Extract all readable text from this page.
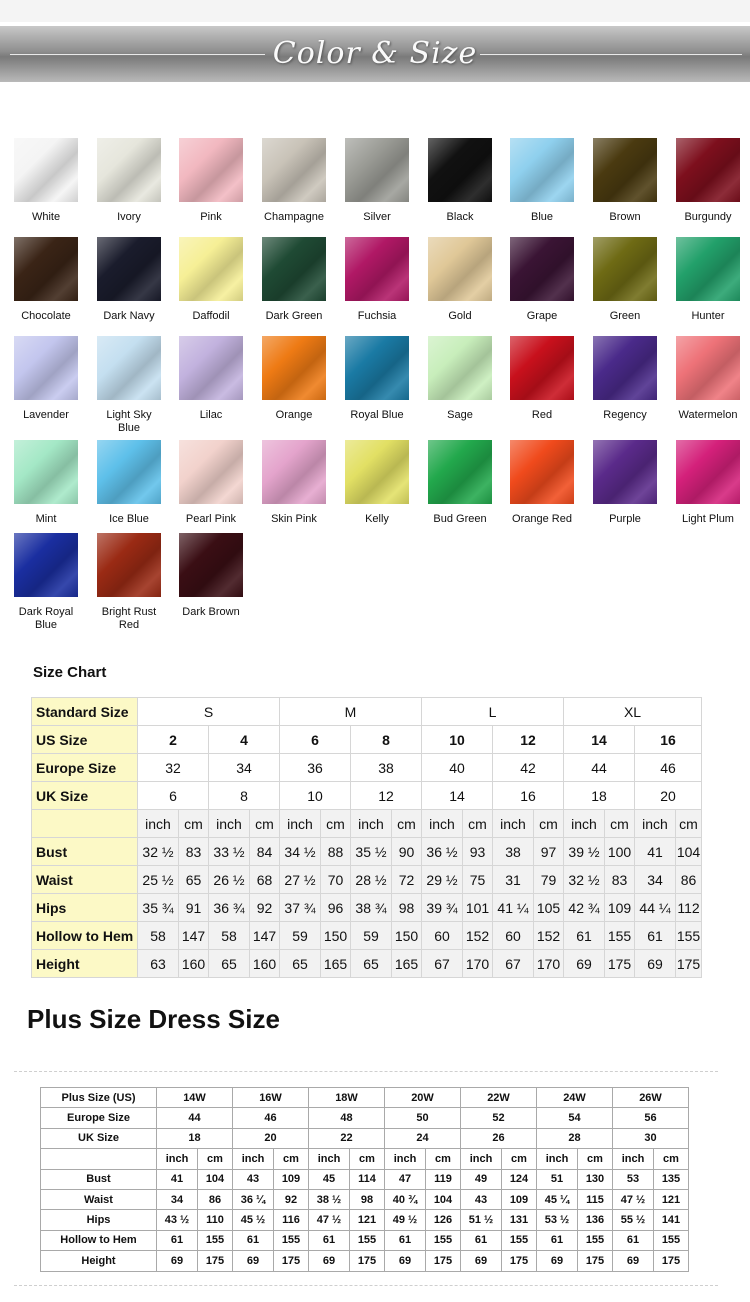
Color & Size
White	Ivory	Pink	Champagne	Silver	Black	Blue	Brown	Burgundy
Chocolate	Dark Navy	Daffodil	Dark Green	Fuchsia	Gold	Grape	Green	Hunter
Lavender	Light Sky Blue
Lilac	Orange	Royal Blue	Sage	Red	Regency	Watermelon
Mint	Ice Blue	Pearl Pink	Skin Pink	Kelly	Bud Green	Orange Red	Purple	Light Plum
Dark Royal Blue
Bright Rust Red
Dark Brown
Size Chart
Standard Size	S				M				L				XL			
US Size	2		4		6		8		10		12		14		16	
Europe Size	32		34		36		38		40		42		44		46	
UK Size	6		8		10		12		14		16		18		20	
	inch	cm	inch	cm	inch	cm	inch	cm	inch	cm	inch	cm	inch	cm	inch	cm
Bust	32 ½	83	33 ½	84	34 ½	88	35 ½	90	36 ½	93	38	97	39 ½	100	41	104
Waist	25 ½	65	26 ½	68	27 ½	70	28 ½	72	29 ½	75	31	79	32 ½	83	34	86
Hips	35 ¾	91	36 ¾	92	37 ¾	96	38 ¾	98	39 ¾	101	41 ¼	105	42 ¾	109	44 ¼	112
Hollow to Hem	58	147	58	147	59	150	59	150	60	152	60	152	61	155	61	155
Height	63	160	65	160	65	165	65	165	67	170	67	170	69	175	69	175
Plus Size Dress Size
Plus Size (US)	14W		16W		18W		20W		22W		24W		26W	
Europe Size	44		46		48		50		52		54		56	
UK Size	18		20		22		24		26		28		30	
	inch	cm	inch	cm	inch	cm	inch	cm	inch	cm	inch	cm	inch	cm
Bust	41	104	43	109	45	114	47	119	49	124	51	130	53	135
Waist	34	86	36 ¼	92	38 ½	98	40 ¾	104	43	109	45 ¼	115	47 ½	121
Hips	43 ½	110	45 ½	116	47 ½	121	49 ½	126	51 ½	131	53 ½	136	55 ½	141
Hollow to Hem	61	155	61	155	61	155	61	155	61	155	61	155	61	155
Height	69	175	69	175	69	175	69	175	69	175	69	175	69	175
